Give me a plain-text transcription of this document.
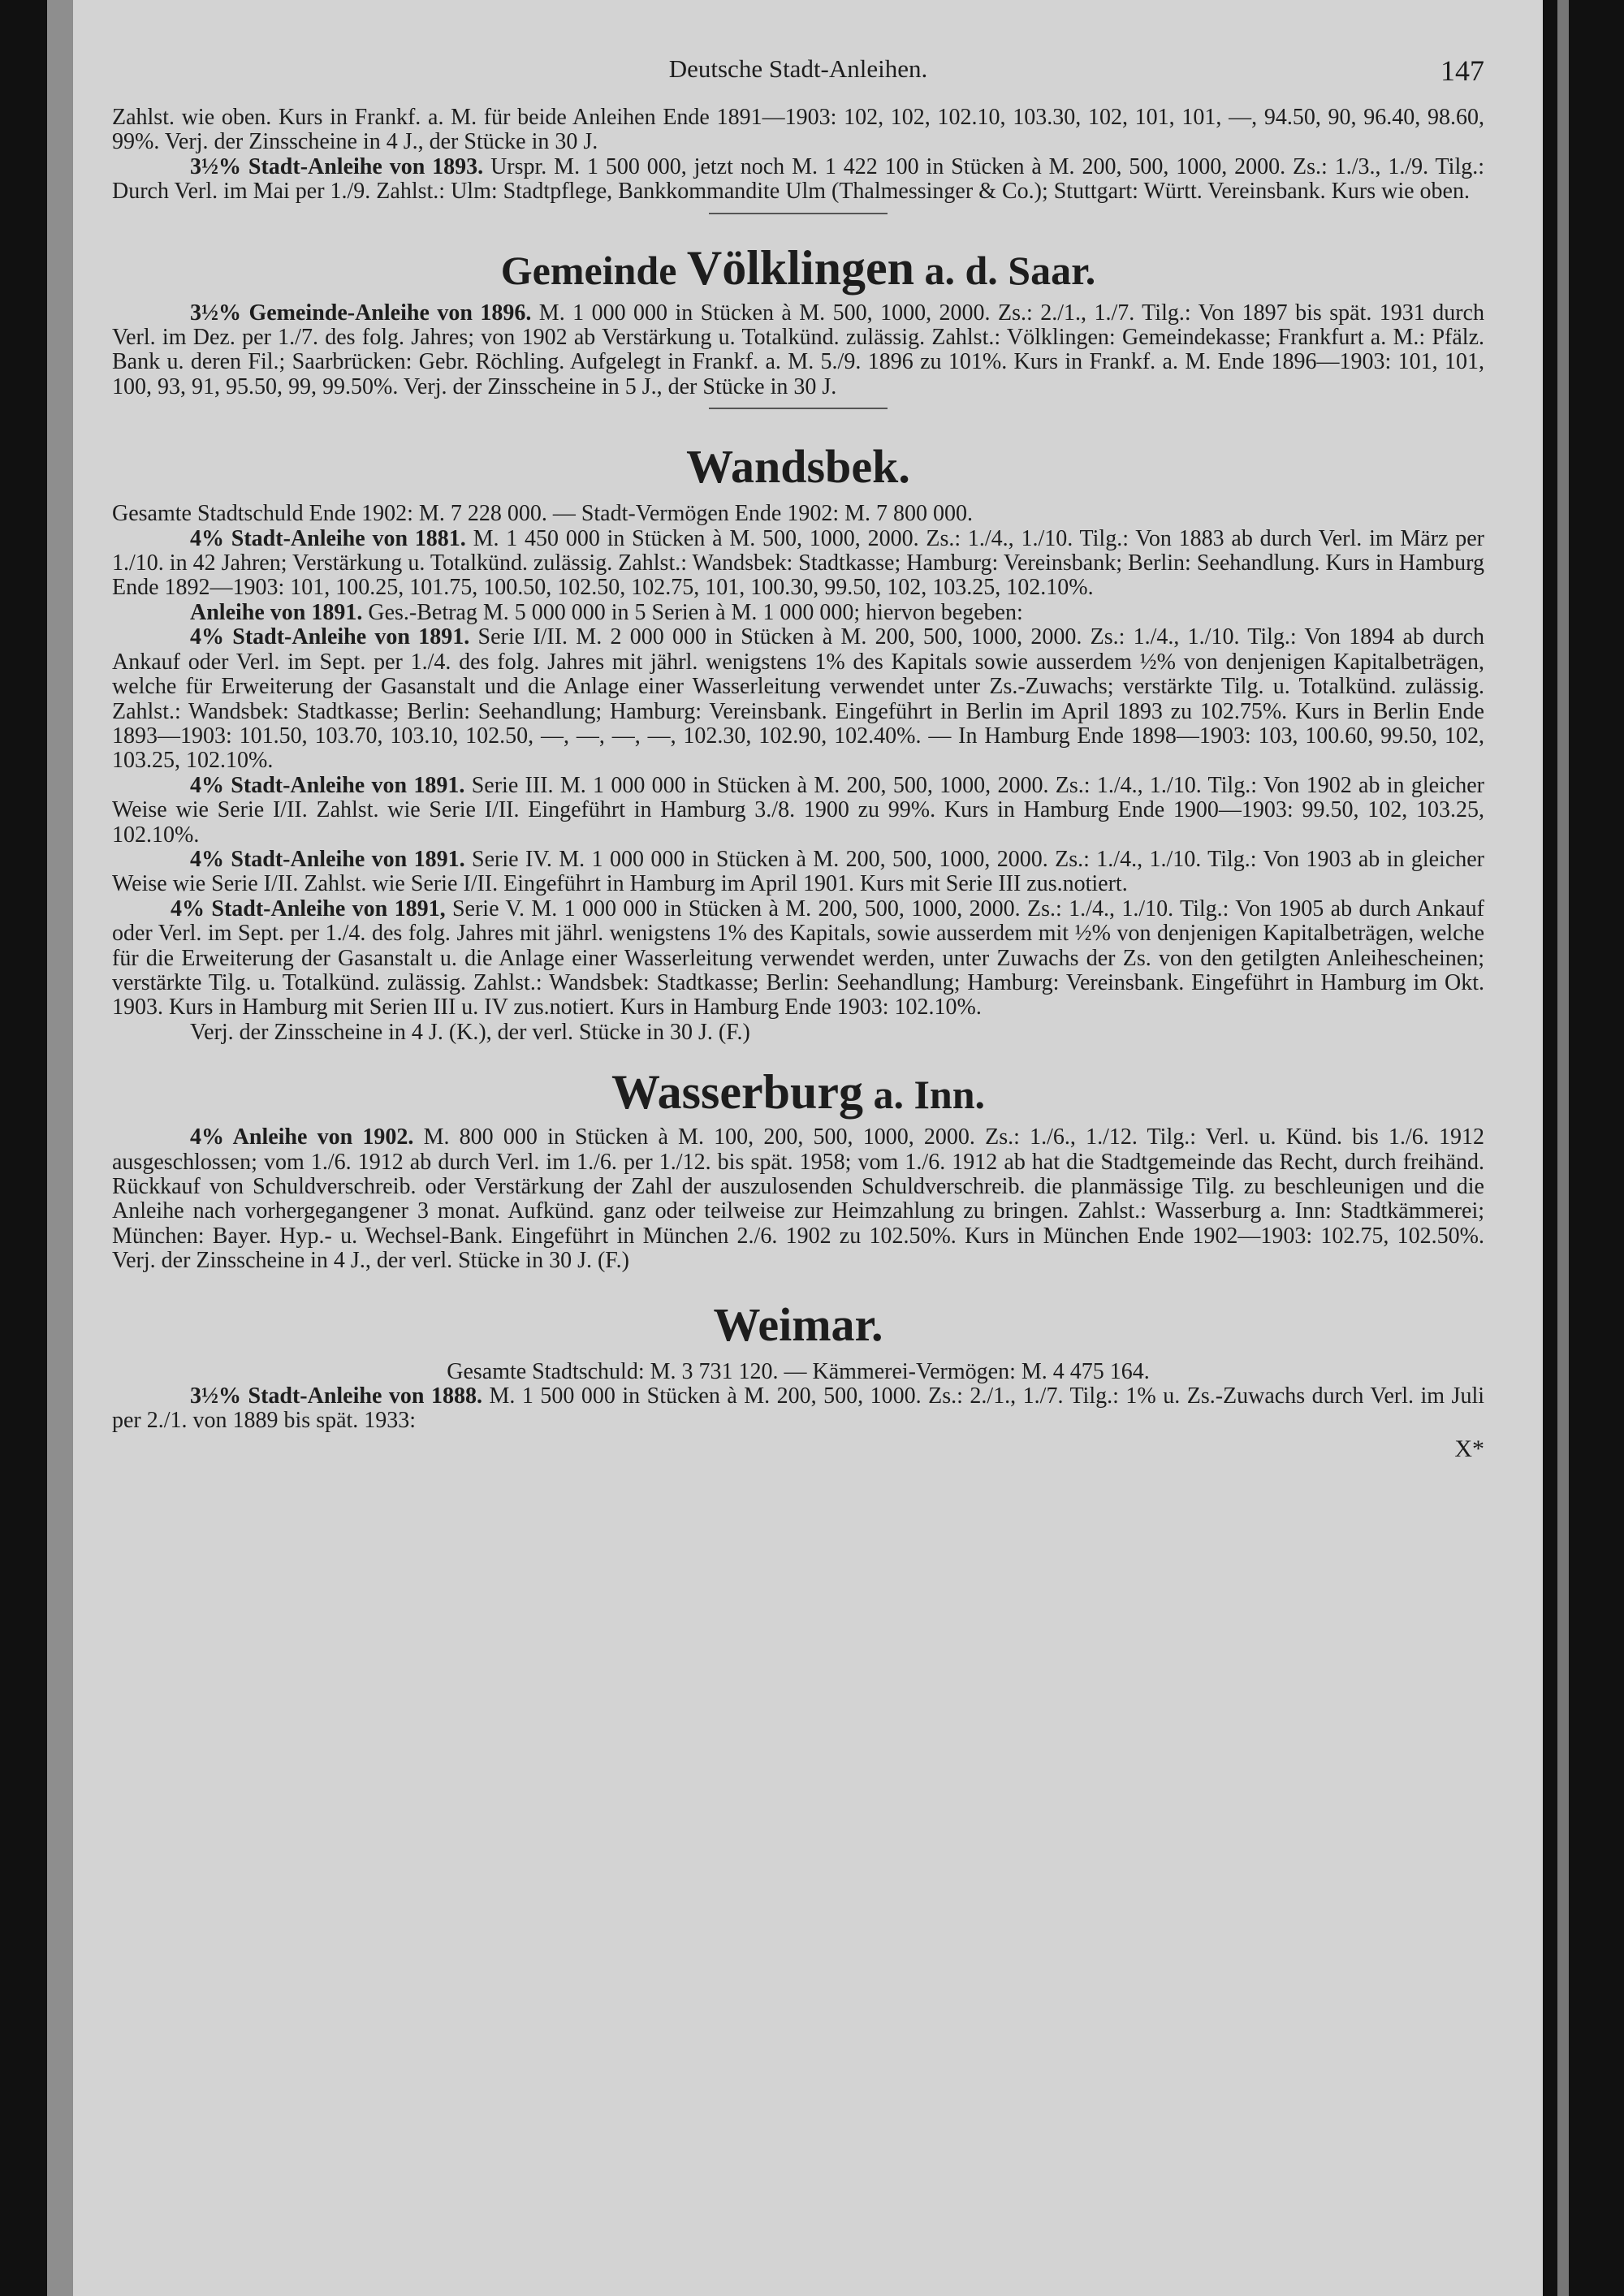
Deutsche Stadt-Anleihen.	147

Zahlst. wie oben. Kurs in Frankf. a. M. für beide Anleihen Ende 1891—1903: 102, 102, 102.10, 103.30, 102, 101, 101, —, 94.50, 90, 96.40, 98.60, 99%. Verj. der Zinsscheine in 4 J., der Stücke in 30 J.

3½% Stadt-Anleihe von 1893. Urspr. M. 1 500 000, jetzt noch M. 1 422 100 in Stücken à M. 200, 500, 1000, 2000. Zs.: 1./3., 1./9. Tilg.: Durch Verl. im Mai per 1./9. Zahlst.: Ulm: Stadtpflege, Bankkommandite Ulm (Thalmessinger & Co.); Stuttgart: Württ. Vereinsbank. Kurs wie oben.

Gemeinde Völklingen a. d. Saar.

3½% Gemeinde-Anleihe von 1896. M. 1 000 000 in Stücken à M. 500, 1000, 2000. Zs.: 2./1., 1./7. Tilg.: Von 1897 bis spät. 1931 durch Verl. im Dez. per 1./7. des folg. Jahres; von 1902 ab Verstärkung u. Totalkünd. zulässig. Zahlst.: Völklingen: Gemeindekasse; Frankfurt a. M.: Pfälz. Bank u. deren Fil.; Saarbrücken: Gebr. Röchling. Aufgelegt in Frankf. a. M. 5./9. 1896 zu 101%. Kurs in Frankf. a. M. Ende 1896—1903: 101, 101, 100, 93, 91, 95.50, 99, 99.50%. Verj. der Zinsscheine in 5 J., der Stücke in 30 J.

Wandsbek.

Gesamte Stadtschuld Ende 1902: M. 7 228 000. — Stadt-Vermögen Ende 1902: M. 7 800 000.

4% Stadt-Anleihe von 1881. M. 1 450 000 in Stücken à M. 500, 1000, 2000. Zs.: 1./4., 1./10. Tilg.: Von 1883 ab durch Verl. im März per 1./10. in 42 Jahren; Verstärkung u. Totalkünd. zulässig. Zahlst.: Wandsbek: Stadtkasse; Hamburg: Vereinsbank; Berlin: Seehandlung. Kurs in Hamburg Ende 1892—1903: 101, 100.25, 101.75, 100.50, 102.50, 102.75, 101, 100.30, 99.50, 102, 103.25, 102.10%.

Anleihe von 1891. Ges.-Betrag M. 5 000 000 in 5 Serien à M. 1 000 000; hiervon begeben:

4% Stadt-Anleihe von 1891. Serie I/II. M. 2 000 000 in Stücken à M. 200, 500, 1000, 2000. Zs.: 1./4., 1./10. Tilg.: Von 1894 ab durch Ankauf oder Verl. im Sept. per 1./4. des folg. Jahres mit jährl. wenigstens 1% des Kapitals sowie ausserdem ½% von denjenigen Kapitalbeträgen, welche für Erweiterung der Gasanstalt und die Anlage einer Wasserleitung verwendet unter Zs.-Zuwachs; verstärkte Tilg. u. Totalkünd. zulässig. Zahlst.: Wandsbek: Stadtkasse; Berlin: Seehandlung; Hamburg: Vereinsbank. Eingeführt in Berlin im April 1893 zu 102.75%. Kurs in Berlin Ende 1893—1903: 101.50, 103.70, 103.10, 102.50, —, —, —, —, 102.30, 102.90, 102.40%. — In Hamburg Ende 1898—1903: 103, 100.60, 99.50, 102, 103.25, 102.10%.

4% Stadt-Anleihe von 1891. Serie III. M. 1 000 000 in Stücken à M. 200, 500, 1000, 2000. Zs.: 1./4., 1./10. Tilg.: Von 1902 ab in gleicher Weise wie Serie I/II. Zahlst. wie Serie I/II. Eingeführt in Hamburg 3./8. 1900 zu 99%. Kurs in Hamburg Ende 1900—1903: 99.50, 102, 103.25, 102.10%.

4% Stadt-Anleihe von 1891. Serie IV. M. 1 000 000 in Stücken à M. 200, 500, 1000, 2000. Zs.: 1./4., 1./10. Tilg.: Von 1903 ab in gleicher Weise wie Serie I/II. Zahlst. wie Serie I/II. Eingeführt in Hamburg im April 1901. Kurs mit Serie III zus.notiert.

4% Stadt-Anleihe von 1891, Serie V. M. 1 000 000 in Stücken à M. 200, 500, 1000, 2000. Zs.: 1./4., 1./10. Tilg.: Von 1905 ab durch Ankauf oder Verl. im Sept. per 1./4. des folg. Jahres mit jährl. wenigstens 1% des Kapitals, sowie ausserdem mit ½% von denjenigen Kapitalbeträgen, welche für die Erweiterung der Gasanstalt u. die Anlage einer Wasserleitung verwendet werden, unter Zuwachs der Zs. von den getilgten Anleihescheinen; verstärkte Tilg. u. Totalkünd. zulässig. Zahlst.: Wandsbek: Stadtkasse; Berlin: Seehandlung; Hamburg: Vereinsbank. Eingeführt in Hamburg im Okt. 1903. Kurs in Hamburg mit Serien III u. IV zus.notiert. Kurs in Hamburg Ende 1903: 102.10%.

Verj. der Zinsscheine in 4 J. (K.), der verl. Stücke in 30 J. (F.)

Wasserburg a. Inn.

4% Anleihe von 1902. M. 800 000 in Stücken à M. 100, 200, 500, 1000, 2000. Zs.: 1./6., 1./12. Tilg.: Verl. u. Künd. bis 1./6. 1912 ausgeschlossen; vom 1./6. 1912 ab durch Verl. im 1./6. per 1./12. bis spät. 1958; vom 1./6. 1912 ab hat die Stadtgemeinde das Recht, durch freihänd. Rückkauf von Schuldverschreib. oder Verstärkung der Zahl der auszulosenden Schuldverschreib. die planmässige Tilg. zu beschleunigen und die Anleihe nach vorhergegangener 3 monat. Aufkünd. ganz oder teilweise zur Heimzahlung zu bringen. Zahlst.: Wasserburg a. Inn: Stadtkämmerei; München: Bayer. Hyp.- u. Wechsel-Bank. Eingeführt in München 2./6. 1902 zu 102.50%. Kurs in München Ende 1902—1903: 102.75, 102.50%. Verj. der Zinsscheine in 4 J., der verl. Stücke in 30 J. (F.)

Weimar.

Gesamte Stadtschuld: M. 3 731 120. — Kämmerei-Vermögen: M. 4 475 164.

3½% Stadt-Anleihe von 1888. M. 1 500 000 in Stücken à M. 200, 500, 1000. Zs.: 2./1., 1./7. Tilg.: 1% u. Zs.-Zuwachs durch Verl. im Juli per 2./1. von 1889 bis spät. 1933:

X*
